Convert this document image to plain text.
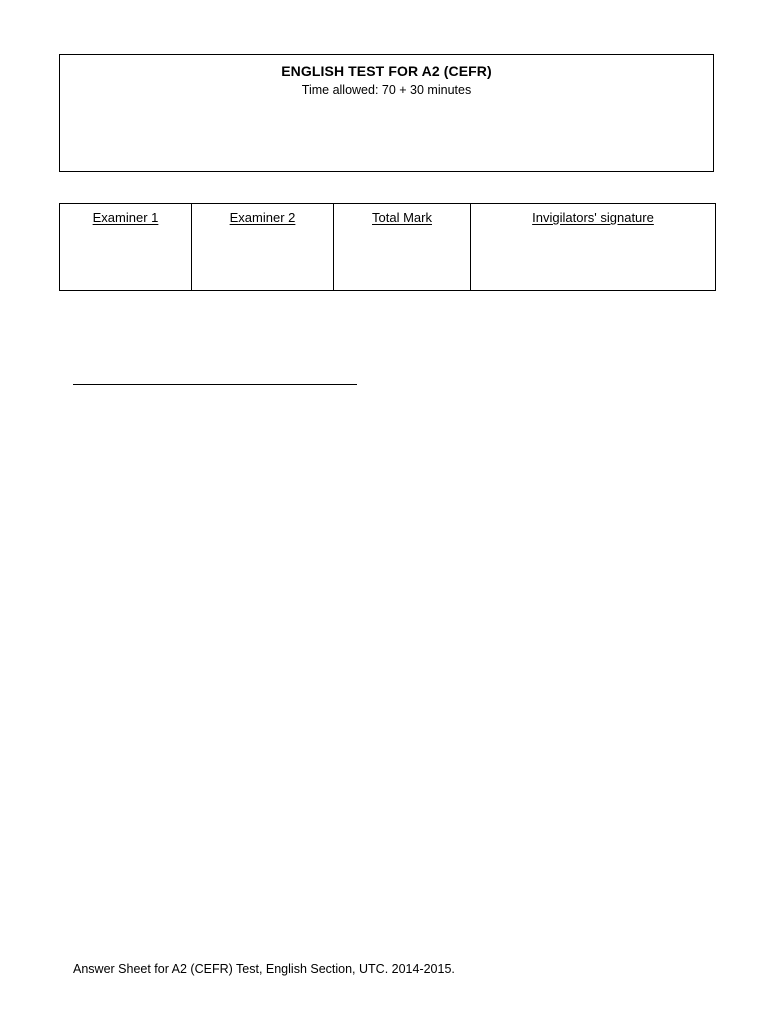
ENGLISH TEST FOR A2 (CEFR)
Time allowed: 70 + 30 minutes
Examiner 1	Examiner 2	Total Mark	Invigilators' signature
Answer Sheet for A2 (CEFR) Test, English Section, UTC. 2014-2015.
